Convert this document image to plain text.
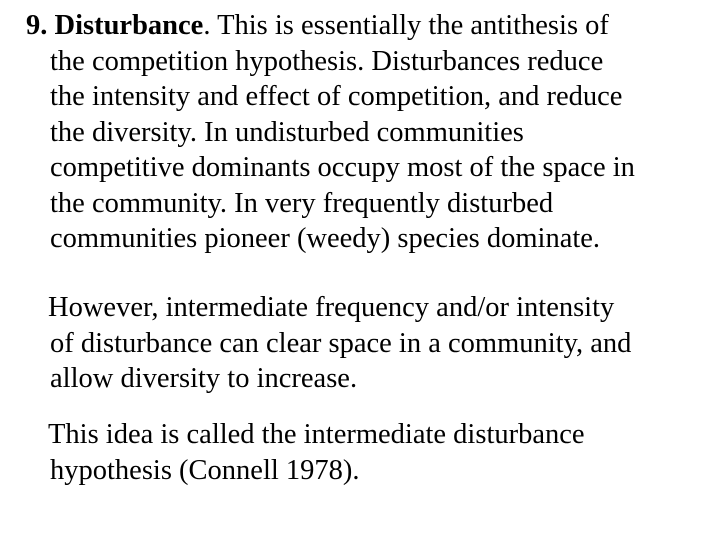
9. Disturbance. This is essentially the antithesis of
the competition hypothesis. Disturbances reduce
the intensity and effect of competition, and reduce
the diversity. In undisturbed communities
competitive dominants occupy most of the space in
the community. In very frequently disturbed
communities pioneer (weedy) species dominate.

However, intermediate frequency and/or intensity
of disturbance can clear space in a community, and
allow diversity to increase.

This idea is called the intermediate disturbance
hypothesis (Connell 1978).
